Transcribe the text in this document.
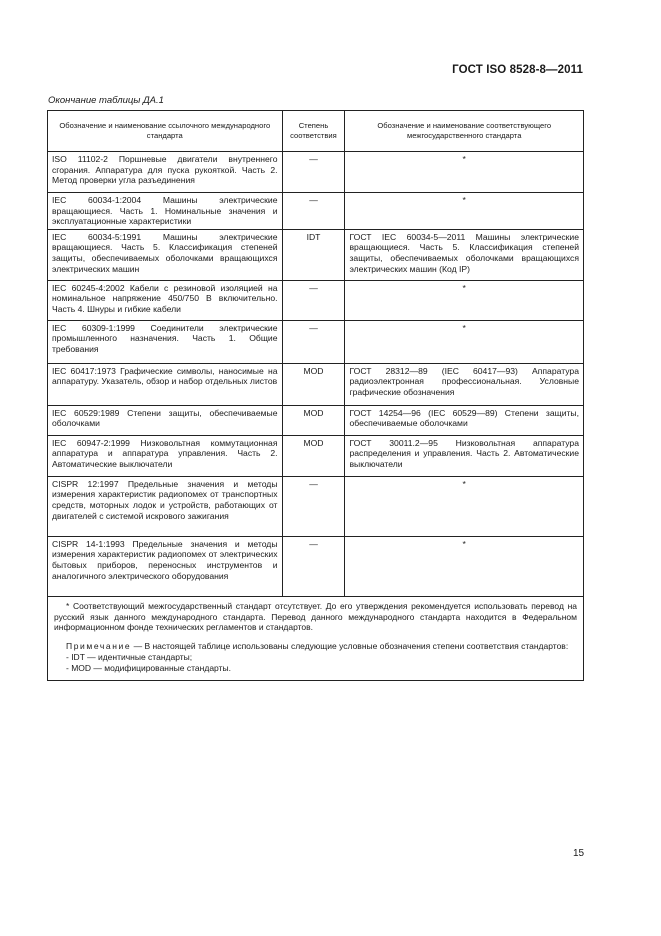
ГОСТ ISO 8528-8—2011
Окончание таблицы ДА.1
Обозначение и наименование ссылочного международного стандарта	Степень соответствия	Обозначение и наименование соответствующего межгосударственного стандарта
ISO 11102-2 Поршневые двигатели внутреннего сгорания. Аппаратура для пуска рукояткой. Часть 2. Метод проверки угла разъединения	—	*
IEC 60034-1:2004 Машины электрические вращающиеся. Часть 1. Номинальные значения и эксплуатационные характеристики	—	*
IEC 60034-5:1991 Машины электрические вращающиеся. Часть 5. Классификация степеней защиты, обеспечиваемых оболочками вращающихся электрических машин	IDT	ГОСТ IEC 60034-5—2011 Машины электрические вращающиеся. Часть 5. Классификация степеней защиты, обеспечиваемых оболочками вращающихся электрических машин (Код IP)
IEC 60245-4:2002 Кабели с резиновой изоляцией на номинальное напряжение 450/750 В включительно. Часть 4. Шнуры и гибкие кабели	—	*
IEC 60309-1:1999 Соединители электрические промышленного назначения. Часть 1. Общие требования	—	*
IEC 60417:1973 Графические символы, наносимые на аппаратуру. Указатель, обзор и набор отдельных листов	MOD	ГОСТ 28312—89 (IEC 60417—93) Аппаратура радиоэлектронная профессиональная. Условные графические обозначения
IEC 60529:1989 Степени защиты, обеспечиваемые оболочками	MOD	ГОСТ 14254—96 (IEC 60529—89) Степени защиты, обеспечиваемые оболочками
IEC 60947-2:1999 Низковольтная коммутационная аппаратура и аппаратура управления. Часть 2. Автоматические выключатели	MOD	ГОСТ 30011.2—95 Низковольтная аппаратура распределения и управления. Часть 2. Автоматические выключатели
CISPR 12:1997 Предельные значения и методы измерения характеристик радиопомех от транспортных средств, моторных лодок и устройств, работающих от двигателей с системой искрового зажигания	—	*
CISPR 14-1:1993 Предельные значения и методы измерения характеристик радиопомех от электрических бытовых приборов, переносных инструментов и аналогичного электрического оборудования	—	*

* Соответствующий межгосударственный стандарт отсутствует. До его утверждения рекомендуется использовать перевод на русский язык данного международного стандарта. Перевод данного международного стандарта находится в Федеральном информационном фонде технических регламентов и стандартов.

Примечание — В настоящей таблице использованы следующие условные обозначения степени соответствия стандартов:

- IDT — идентичные стандарты;
- MOD — модифицированные стандарты.		
15
